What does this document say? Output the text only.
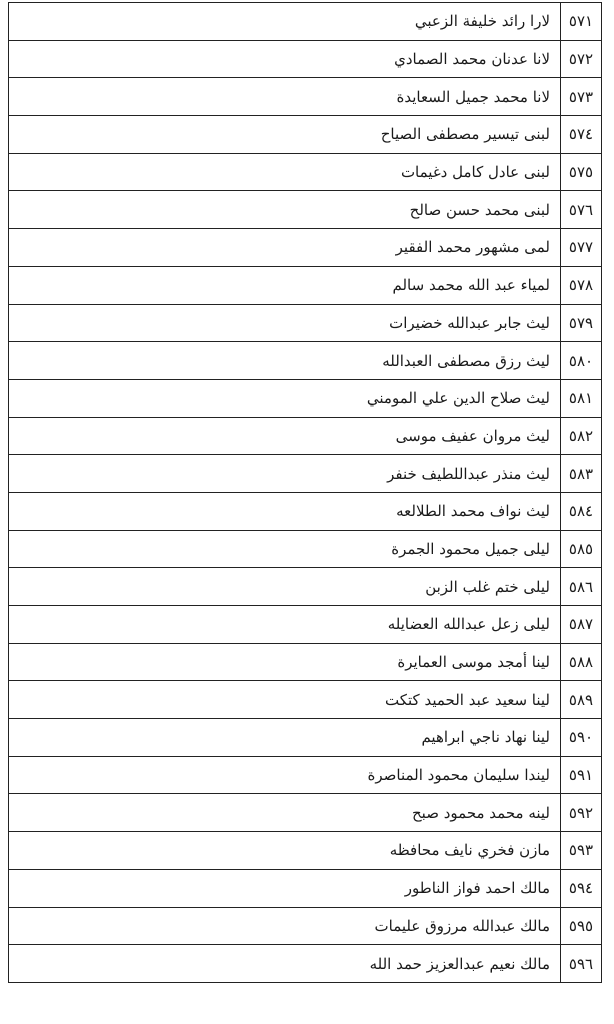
٥٧١	لارا رائد خليفة الزعبي
٥٧٢	لانا عدنان محمد الصمادي
٥٧٣	لانا محمد جميل السعايدة
٥٧٤	لبنى تيسير مصطفى الصياح
٥٧٥	لبنى عادل كامل دغيمات
٥٧٦	لبنى محمد حسن صالح
٥٧٧	لمى مشهور محمد الفقير
٥٧٨	لمياء عبد الله محمد سالم
٥٧٩	ليث جابر عبدالله خضيرات
٥٨٠	ليث رزق مصطفى العبدالله
٥٨١	ليث صلاح الدين علي المومني
٥٨٢	ليث مروان عفيف موسى
٥٨٣	ليث منذر عبداللطيف خنفر
٥٨٤	ليث نواف محمد الطلالعه
٥٨٥	ليلى جميل محمود الجمرة
٥٨٦	ليلى ختم غلب الزبن
٥٨٧	ليلى زعل عبدالله العضايله
٥٨٨	لينا أمجد موسى العمايرة
٥٨٩	لينا سعيد عبد الحميد كتكت
٥٩٠	لينا نهاد ناجي ابراهيم
٥٩١	ليندا سليمان محمود المناصرة
٥٩٢	لينه محمد محمود صبح
٥٩٣	مازن فخري نايف محافظه
٥٩٤	مالك احمد فواز الناطور
٥٩٥	مالك عبدالله مرزوق عليمات
٥٩٦	مالك نعيم عبدالعزيز حمد الله
